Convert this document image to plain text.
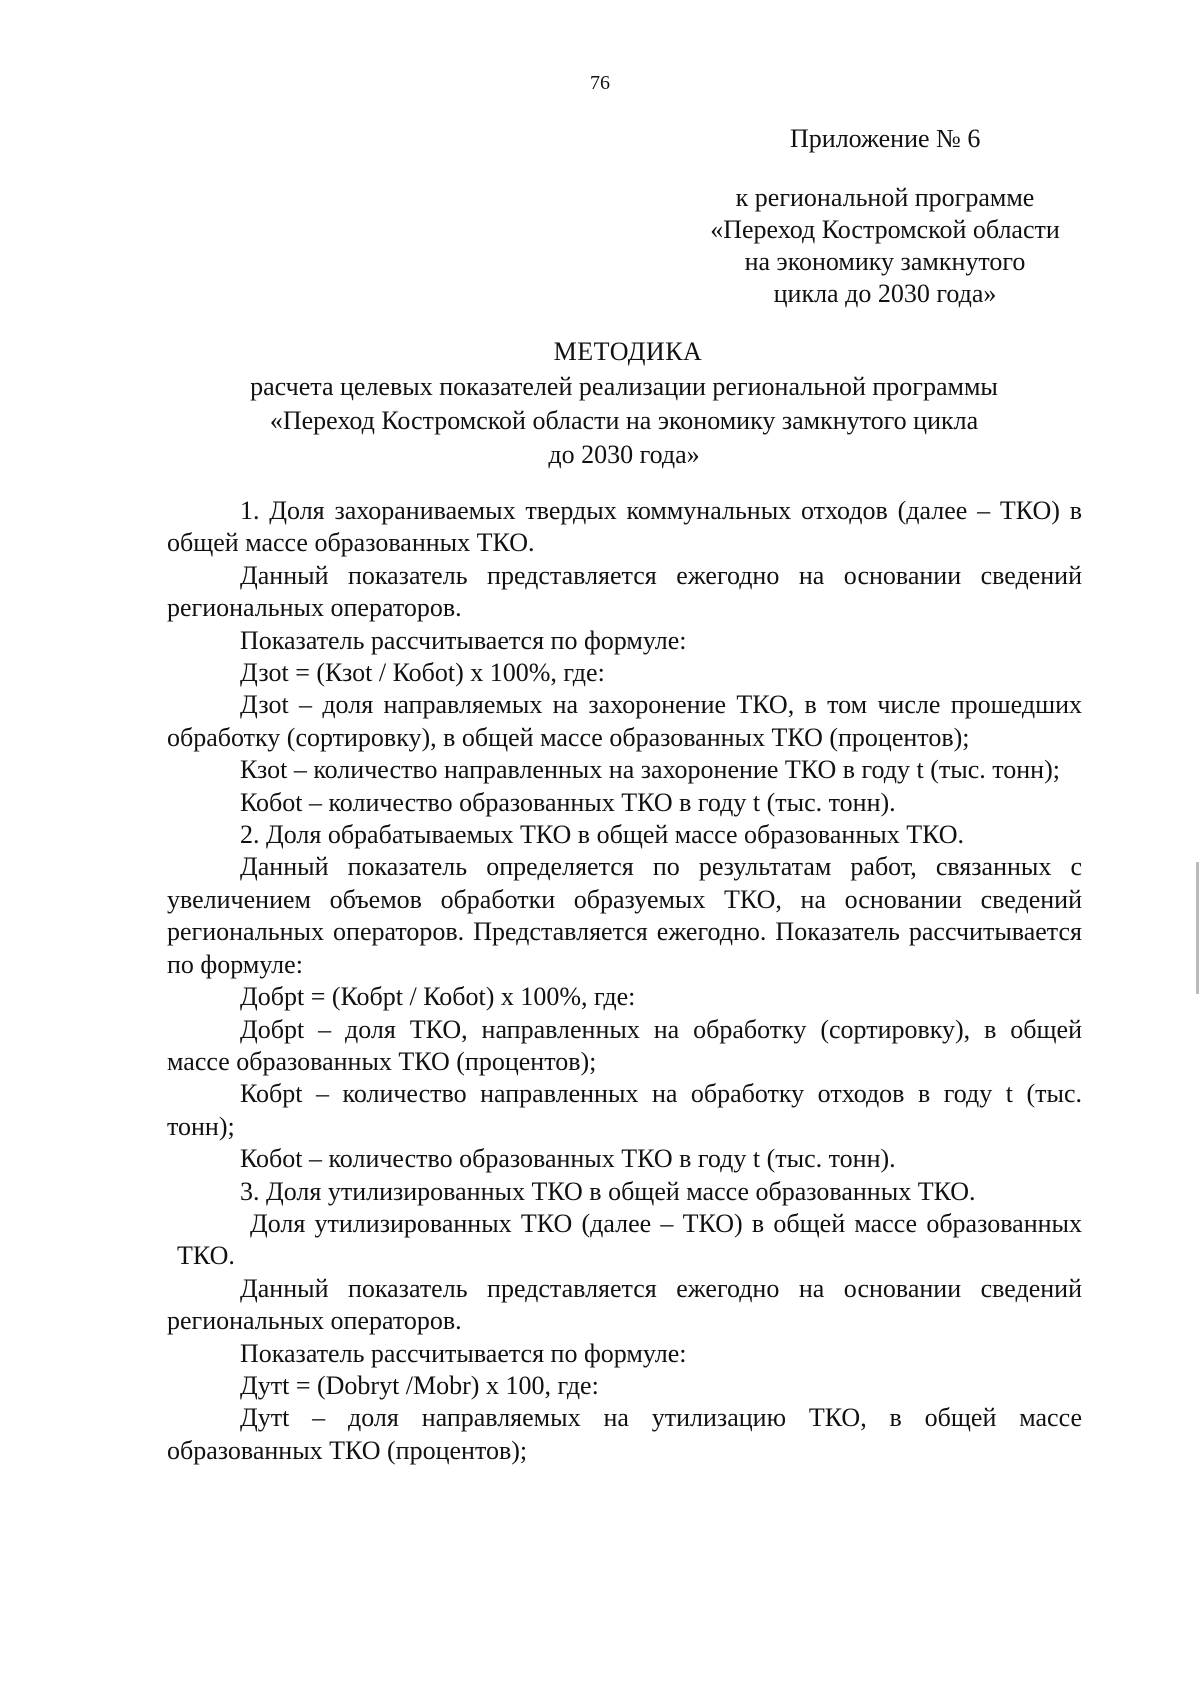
76
Приложение № 6
к региональной программе
«Переход Костромской области
на экономику замкнутого
цикла до 2030 года»
МЕТОДИКА
расчета целевых показателей реализации региональной программы
«Переход Костромской области на экономику замкнутого цикла
до 2030 года»

1. Доля захораниваемых твердых коммунальных отходов (далее – ТКО) в общей массе образованных ТКО.

Данный показатель представляется ежегодно на основании сведений региональных операторов.

Показатель рассчитывается по формуле:

Дзоt = (Кзоt / Кобоt) x 100%, где:

Дзоt – доля направляемых на захоронение ТКО, в том числе прошедших обработку (сортировку), в общей массе образованных ТКО (процентов);

Кзоt – количество направленных на захоронение ТКО в году t (тыс. тонн);

Кобоt – количество образованных ТКО в году t (тыс. тонн).

2. Доля обрабатываемых ТКО в общей массе образованных ТКО.

Данный показатель определяется по результатам работ, связанных с увеличением объемов обработки образуемых ТКО, на основании сведений региональных операторов. Представляется ежегодно. Показатель рассчитывается по формуле:

Добрt = (Кобрt / Кобоt) x 100%, где:

Добрt – доля ТКО, направленных на обработку (сортировку), в общей массе образованных ТКО (процентов);

Кобрt – количество направленных на обработку отходов в году t (тыс. тонн);

Кобоt – количество образованных ТКО в году t (тыс. тонн).

3. Доля утилизированных ТКО в общей массе образованных ТКО.

Доля утилизированных ТКО (далее – ТКО) в общей массе образованных ТКО.

Данный показатель представляется ежегодно на основании сведений региональных операторов.

Показатель рассчитывается по формуле:

Дутt = (Dobryt /Mobr) x 100, где:

Дутt – доля направляемых на утилизацию ТКО, в общей массе образованных ТКО (процентов);
